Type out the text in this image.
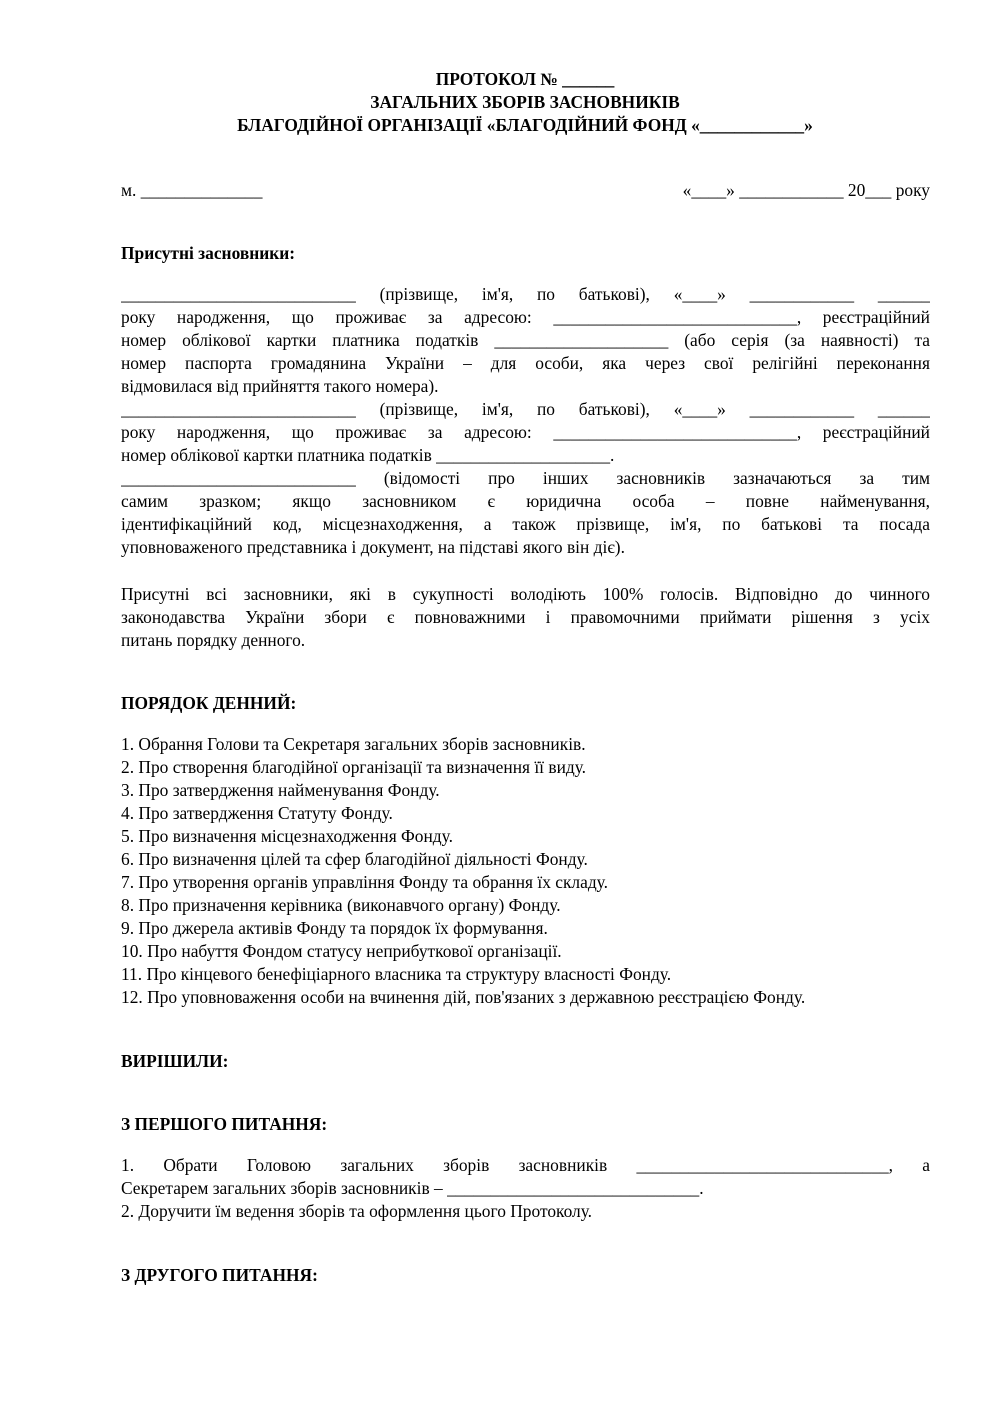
ПРОТОКОЛ № ______
ЗАГАЛЬНИХ ЗБОРІВ ЗАСНОВНИКІВ
БЛАГОДІЙНОЇ ОРГАНІЗАЦІЇ «БЛАГОДІЙНИЙ ФОНД «____________»
м. ______________	«____» ____________ 20___ року
Присутні засновники:
___________________________ (прізвище, ім'я, по батькові), «____» ____________ ______
року народження, що проживає за адресою: ____________________________, реєстраційний
номер облікової картки платника податків ____________________ (або серія (за наявності) та
номер паспорта громадянина України – для особи, яка через свої релігійні переконання
відмовилася від прийняття такого номера).
___________________________ (прізвище, ім'я, по батькові), «____» ____________ ______
року народження, що проживає за адресою: ____________________________, реєстраційний
номер облікової картки платника податків ____________________.
___________________________ (відомості про інших засновників зазначаються за тим
самим зразком; якщо засновником є юридична особа – повне найменування,
ідентифікаційний код, місцезнаходження, а також прізвище, ім'я, по батькові та посада
уповноваженого представника і документ, на підставі якого він діє).
Присутні всі засновники, які в сукупності володіють 100% голосів. Відповідно до чинного
законодавства України збори є повноважними і правомочними приймати рішення з усіх
питань порядку денного.
ПОРЯДОК ДЕННИЙ:
1. Обрання Голови та Секретаря загальних зборів засновників.
2. Про створення благодійної організації та визначення її виду.
3. Про затвердження найменування Фонду.
4. Про затвердження Статуту Фонду.
5. Про визначення місцезнаходження Фонду.
6. Про визначення цілей та сфер благодійної діяльності Фонду.
7. Про утворення органів управління Фонду та обрання їх складу.
8. Про призначення керівника (виконавчого органу) Фонду.
9. Про джерела активів Фонду та порядок їх формування.
10. Про набуття Фондом статусу неприбуткової організації.
11. Про кінцевого бенефіціарного власника та структуру власності Фонду.
12. Про уповноваження особи на вчинення дій, пов'язаних з державною реєстрацією Фонду.
ВИРІШИЛИ:
З ПЕРШОГО ПИТАННЯ:
1. Обрати Головою загальних зборів засновників _____________________________, а
Секретарем загальних зборів засновників – _____________________________.
2. Доручити їм ведення зборів та оформлення цього Протоколу.
З ДРУГОГО ПИТАННЯ:
